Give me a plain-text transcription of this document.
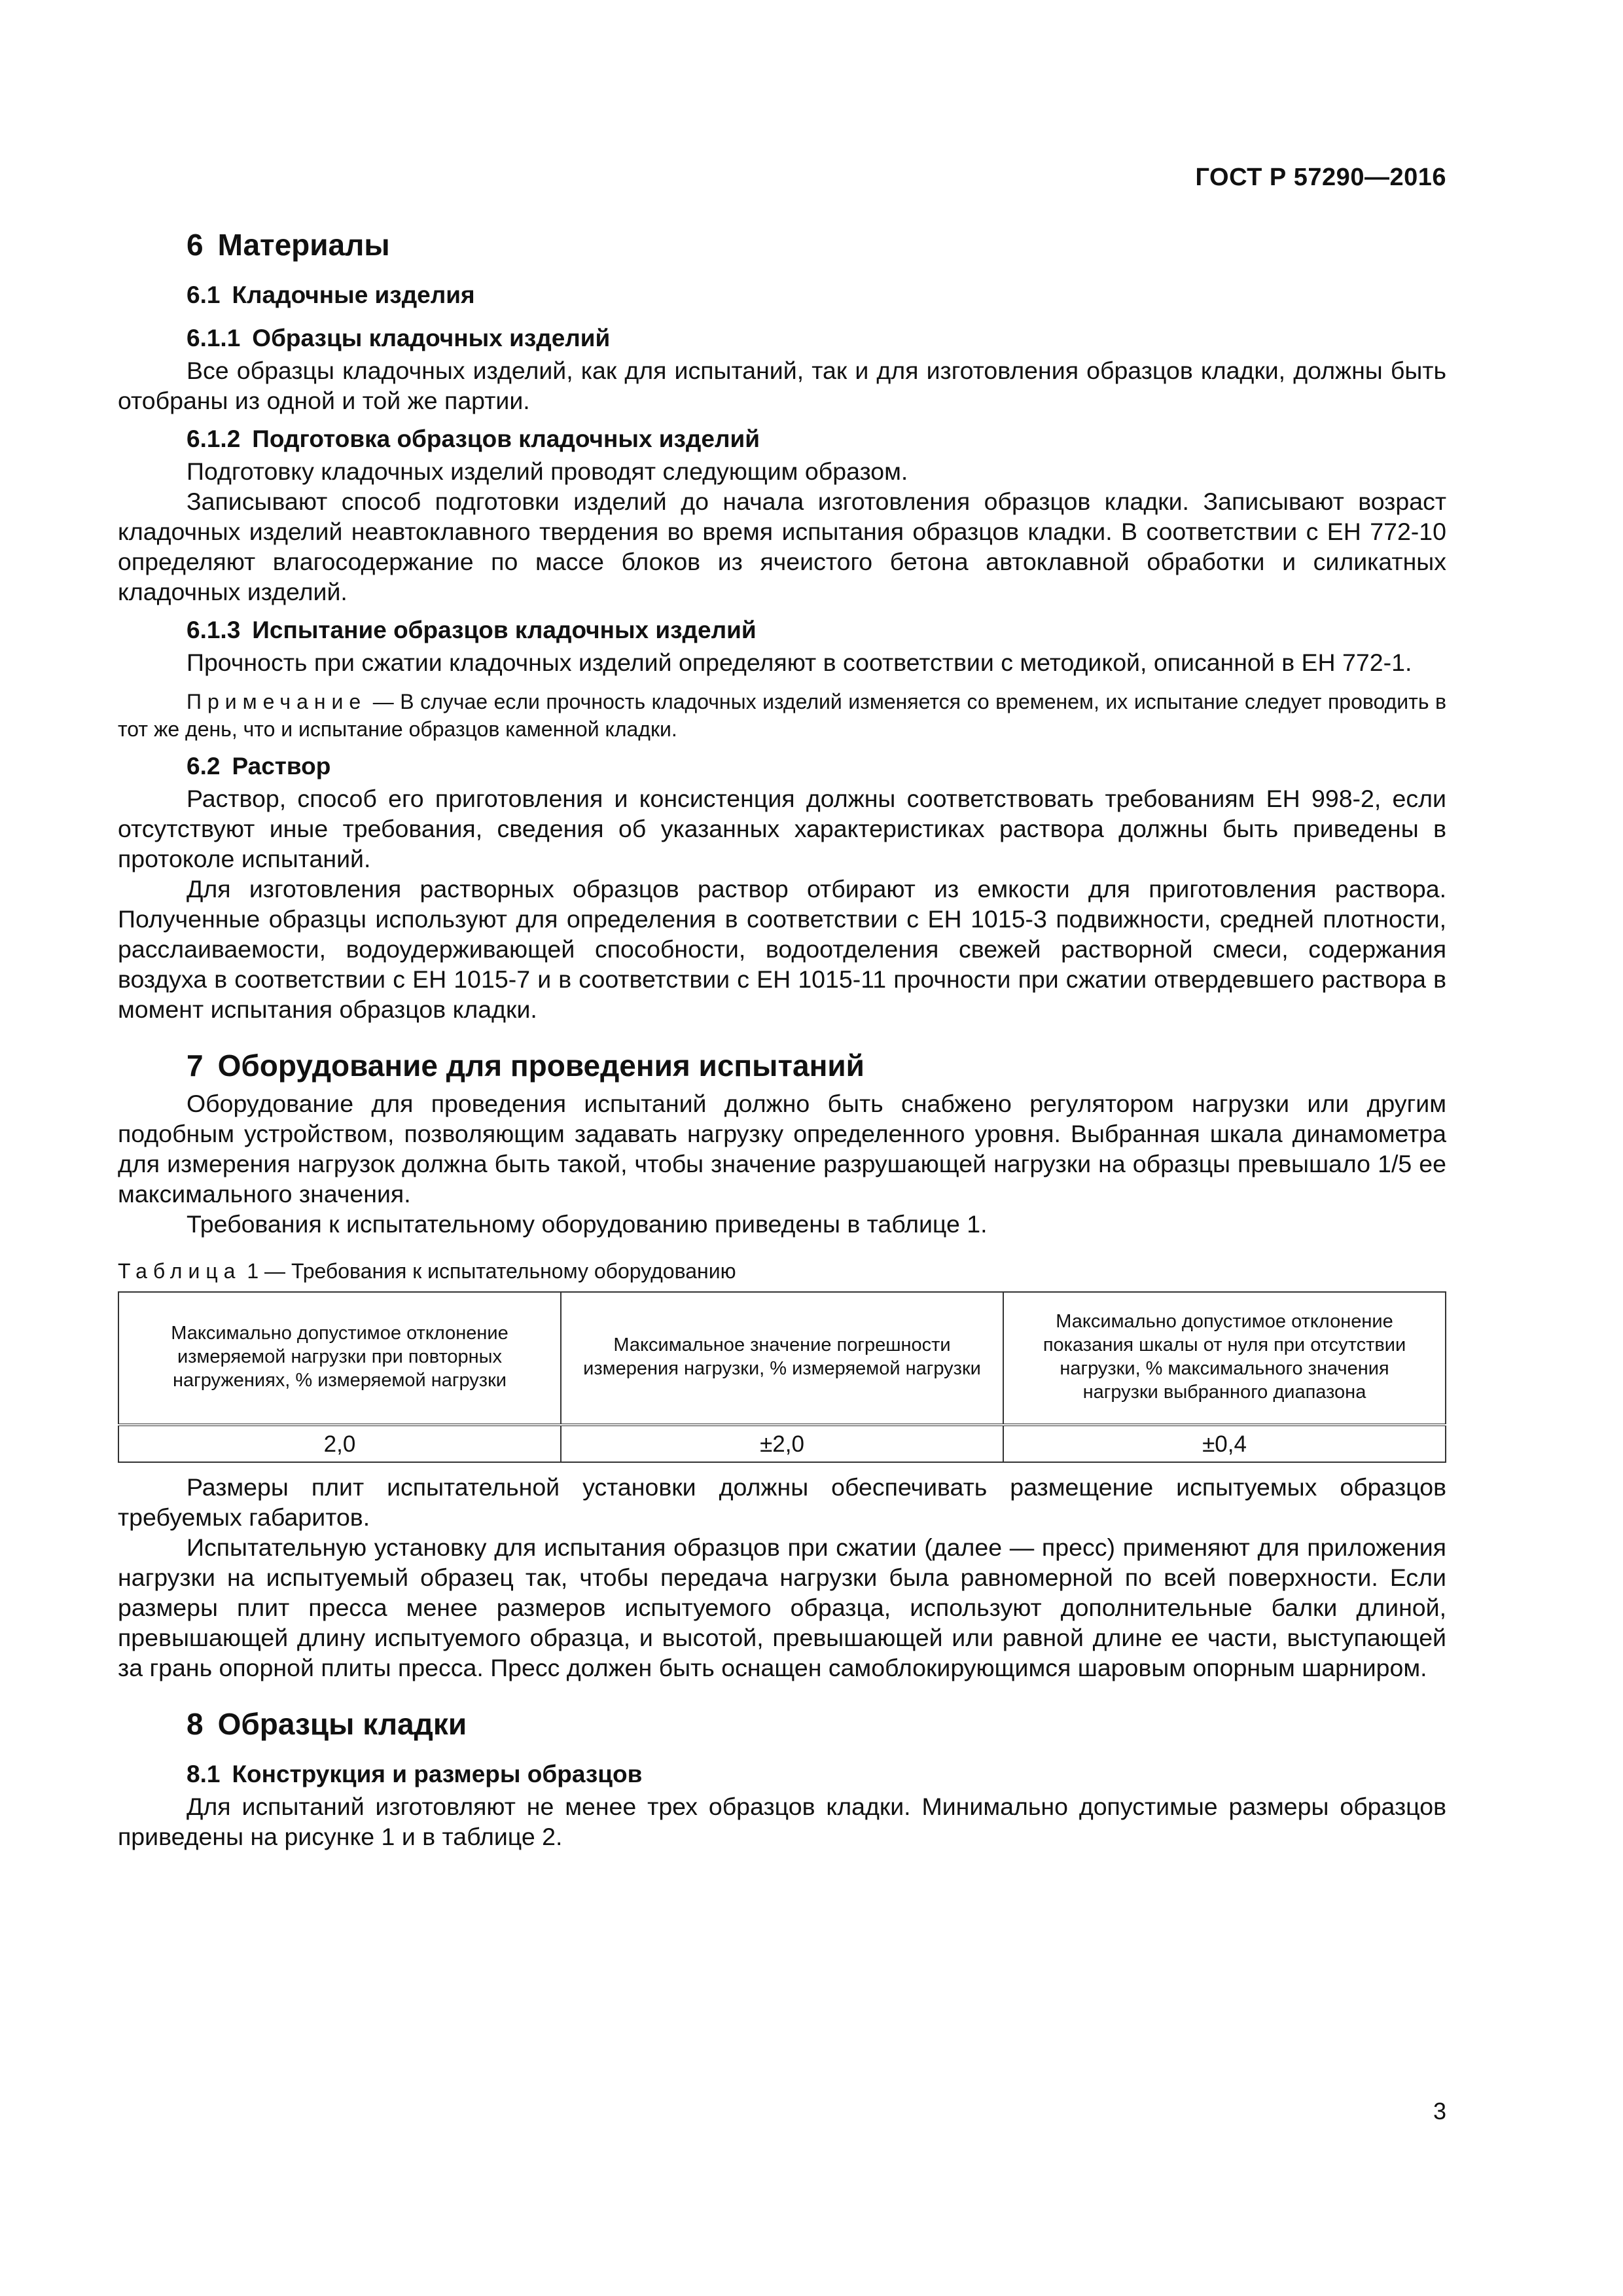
ГОСТ Р 57290—2016
6 Материалы
6.1 Кладочные изделия
6.1.1 Образцы кладочных изделий

Все образцы кладочных изделий, как для испытаний, так и для изготовления образцов кладки, должны быть отобраны из одной и той же партии.

6.1.2 Подготовка образцов кладочных изделий

Подготовку кладочных изделий проводят следующим образом.

Записывают способ подготовки изделий до начала изготовления образцов кладки. Записывают возраст кладочных изделий неавтоклавного твердения во время испытания образцов кладки. В соответствии с ЕН 772-10 определяют влагосодержание по массе блоков из ячеистого бетона автоклавной обработки и силикатных кладочных изделий.

6.1.3 Испытание образцов кладочных изделий

Прочность при сжатии кладочных изделий определяют в соответствии с методикой, описанной в ЕН 772-1.

Примечание — В случае если прочность кладочных изделий изменяется со временем, их испытание следует проводить в тот же день, что и испытание образцов каменной кладки.

6.2 Раствор

Раствор, способ его приготовления и консистенция должны соответствовать требованиям ЕН 998-2, если отсутствуют иные требования, сведения об указанных характеристиках раствора должны быть приведены в протоколе испытаний.

Для изготовления растворных образцов раствор отбирают из емкости для приготовления раствора. Полученные образцы используют для определения в соответствии с ЕН 1015-3 подвижности, средней плотности, расслаиваемости, водоудерживающей способности, водоотделения свежей растворной смеси, содержания воздуха в соответствии с ЕН 1015-7 и в соответствии с ЕН 1015-11 прочности при сжатии отвердевшего раствора в момент испытания образцов кладки.

7 Оборудование для проведения испытаний

Оборудование для проведения испытаний должно быть снабжено регулятором нагрузки или другим подобным устройством, позволяющим задавать нагрузку определенного уровня. Выбранная шкала динамометра для измерения нагрузок должна быть такой, чтобы значение разрушающей нагрузки на образцы превышало 1/5 ее максимального значения.

Требования к испытательному оборудованию приведены в таблице 1.

Таблица 1 — Требования к испытательному оборудованию

Максимально допустимое отклонение измеряемой нагрузки при повторных нагружениях, % измеряемой нагрузки	Максимальное значение погрешности измерения нагрузки, % измеряемой нагрузки	Максимально допустимое отклонение показания шкалы от нуля при отсутствии нагрузки, % максимального значения нагрузки выбранного диапазона
2,0	±2,0	±0,4

Размеры плит испытательной установки должны обеспечивать размещение испытуемых образцов требуемых габаритов.

Испытательную установку для испытания образцов при сжатии (далее — пресс) применяют для приложения нагрузки на испытуемый образец так, чтобы передача нагрузки была равномерной по всей поверхности. Если размеры плит пресса менее размеров испытуемого образца, используют дополнительные балки длиной, превышающей длину испытуемого образца, и высотой, превышающей или равной длине ее части, выступающей за грань опорной плиты пресса. Пресс должен быть оснащен самоблокирующимся шаровым опорным шарниром.

8 Образцы кладки
8.1 Конструкция и размеры образцов

Для испытаний изготовляют не менее трех образцов кладки. Минимально допустимые размеры образцов приведены на рисунке 1 и в таблице 2.

3
